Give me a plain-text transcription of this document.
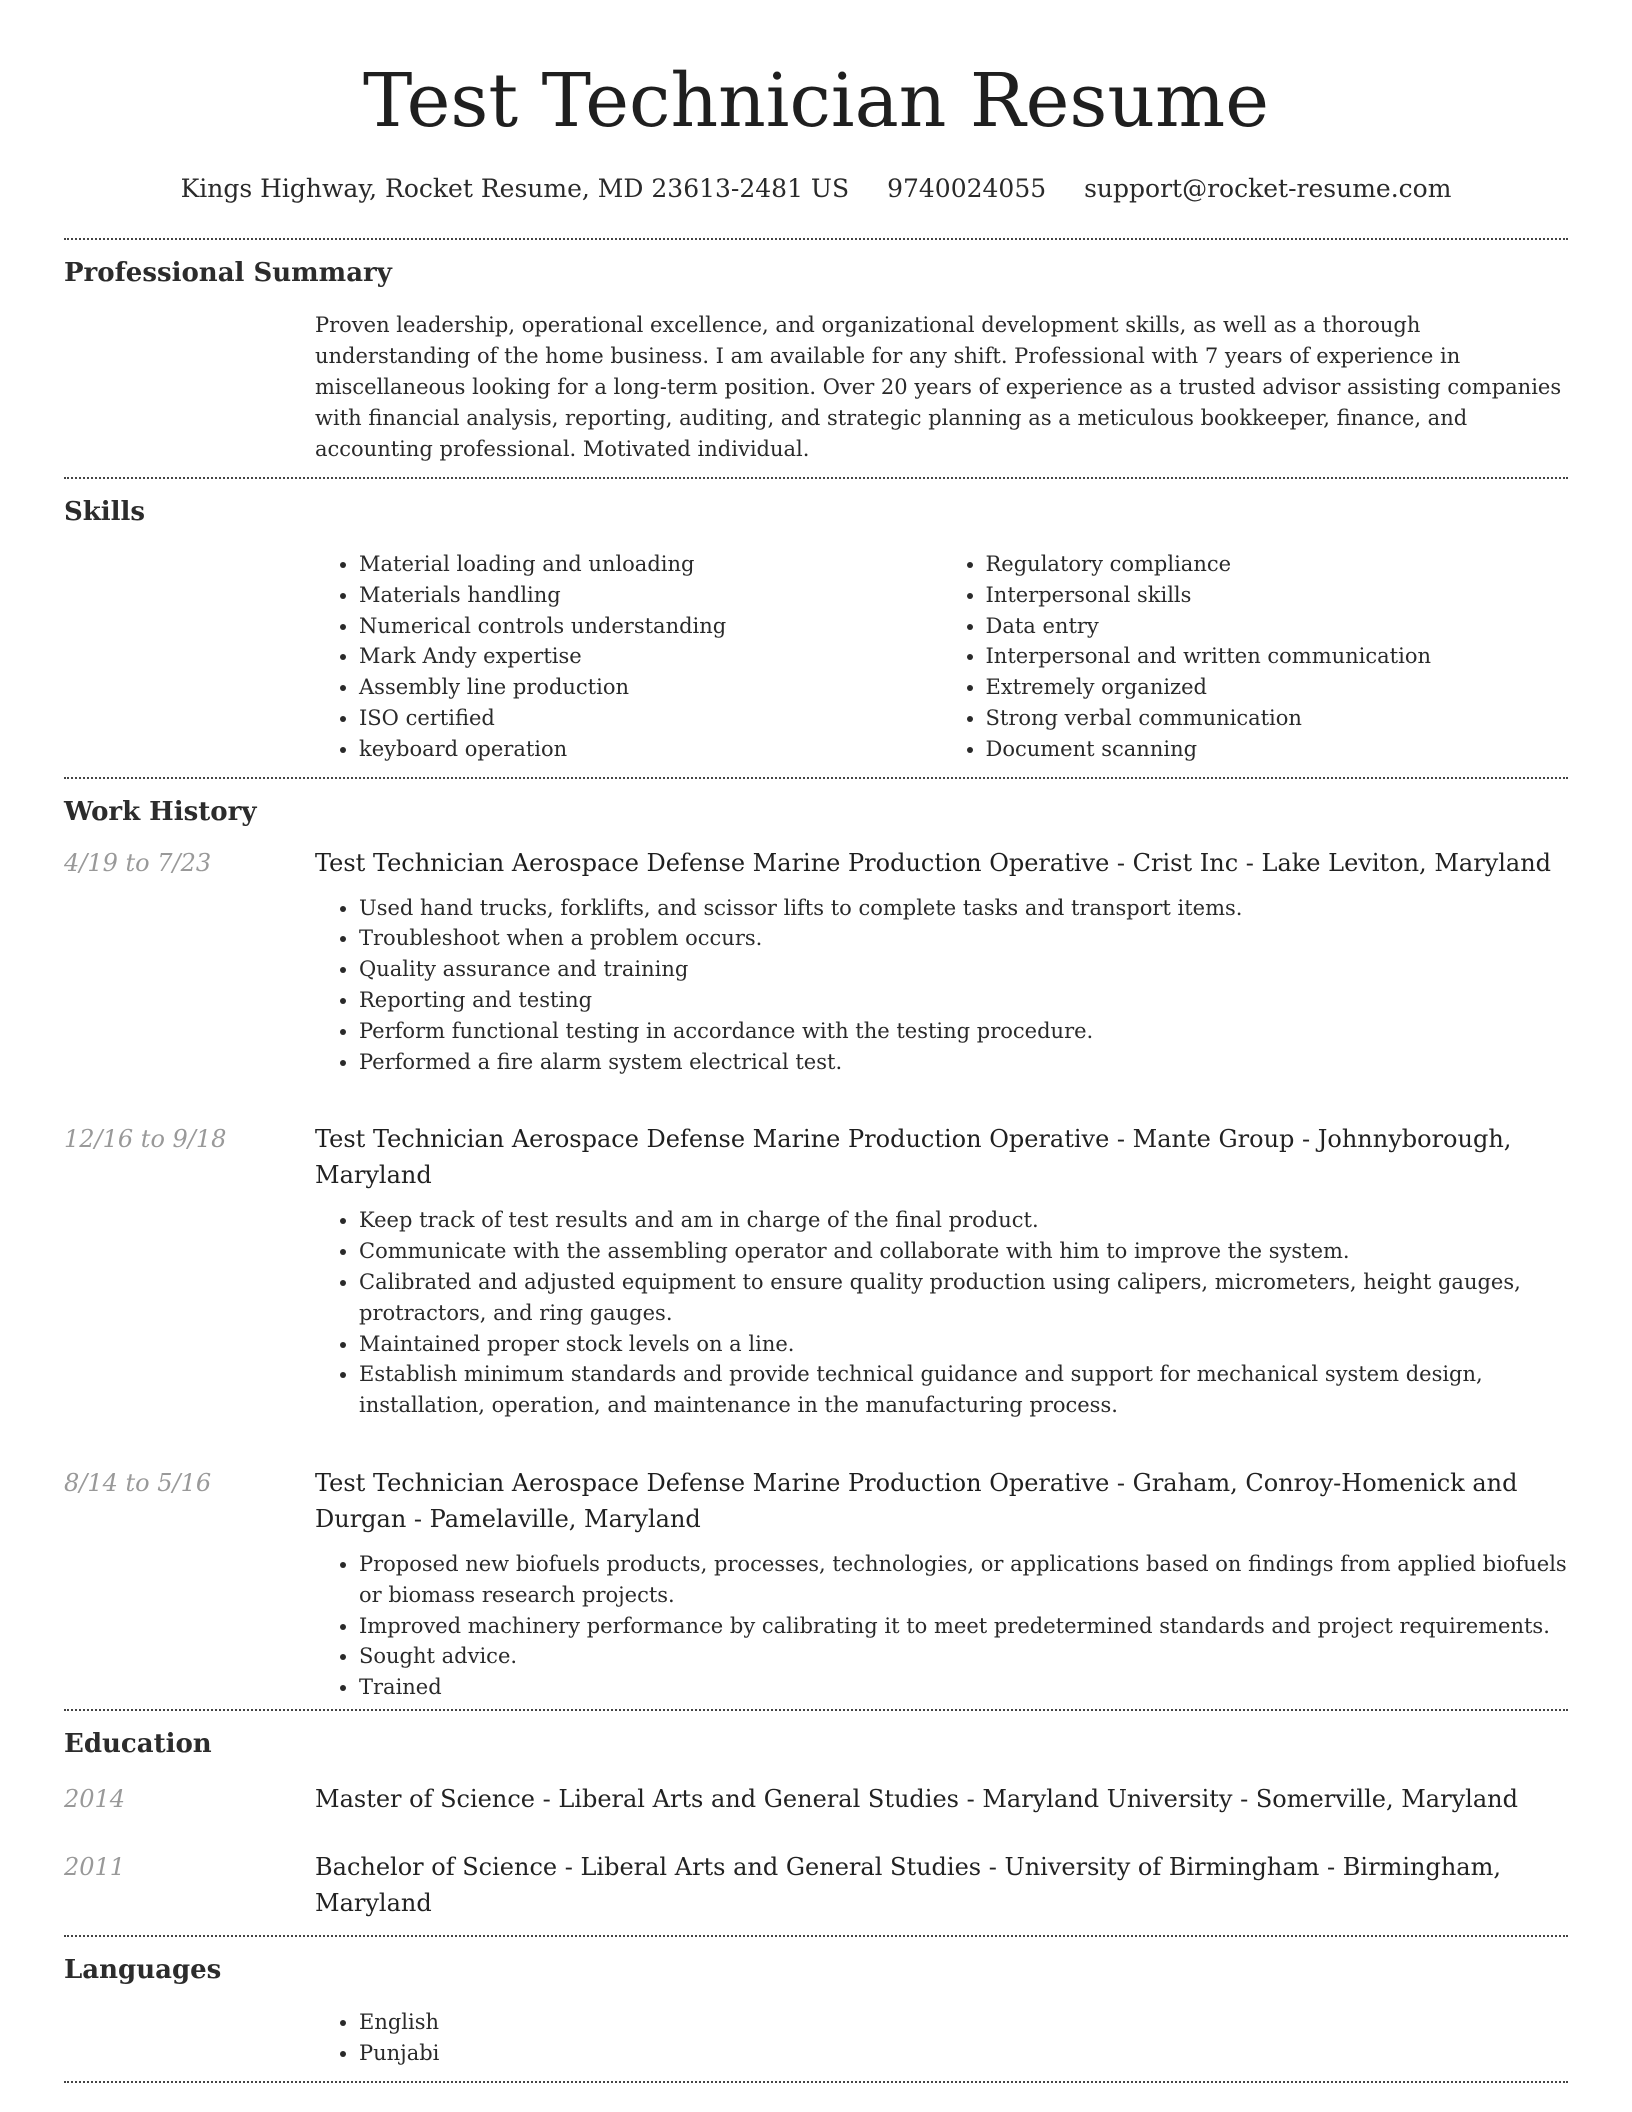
Test Technician Resume
Kings Highway, Rocket Resume, MD 23613-2481 US 9740024055 support@rocket-resume.com
Professional Summary

Proven leadership, operational excellence, and organizational development skills, as well as a thorough understanding of the home business. I am available for any shift. Professional with 7 years of experience in miscellaneous looking for a long-term position. Over 20 years of experience as a trusted advisor assisting companies with financial analysis, reporting, auditing, and strategic planning as a meticulous bookkeeper, finance, and accounting professional. Motivated individual.

Skills
• Material loading and unloading
• Materials handling
• Numerical controls understanding
• Mark Andy expertise
• Assembly line production
• ISO certified
• keyboard operation
• Regulatory compliance
• Interpersonal skills
• Data entry
• Interpersonal and written communication
• Extremely organized
• Strong verbal communication
• Document scanning
Work History
4/19 to 7/23	Test Technician Aerospace Defense Marine Production Operative - Crist Inc - Lake Leviton, Maryland

• Used hand trucks, forklifts, and scissor lifts to complete tasks and transport items.
• Troubleshoot when a problem occurs.
• Quality assurance and training
• Reporting and testing
• Perform functional testing in accordance with the testing procedure.
• Performed a fire alarm system electrical test.
12/16 to 9/18	Test Technician Aerospace Defense Marine Production Operative - Mante Group - Johnnyborough, Maryland

• Keep track of test results and am in charge of the final product.
• Communicate with the assembling operator and collaborate with him to improve the system.
• Calibrated and adjusted equipment to ensure quality production using calipers, micrometers, height gauges, protractors, and ring gauges.
• Maintained proper stock levels on a line.
• Establish minimum standards and provide technical guidance and support for mechanical system design, installation, operation, and maintenance in the manufacturing process.
8/14 to 5/16	Test Technician Aerospace Defense Marine Production Operative - Graham, Conroy-Homenick and Durgan - Pamelaville, Maryland

• Proposed new biofuels products, processes, technologies, or applications based on findings from applied biofuels or biomass research projects.
• Improved machinery performance by calibrating it to meet predetermined standards and project requirements.
• Sought advice.
• Trained
Education
2014	Master of Science - Liberal Arts and General Studies - Maryland University - Somerville, Maryland

2011	Bachelor of Science - Liberal Arts and General Studies - University of Birmingham - Birmingham, Maryland

Languages
• English
• Punjabi
